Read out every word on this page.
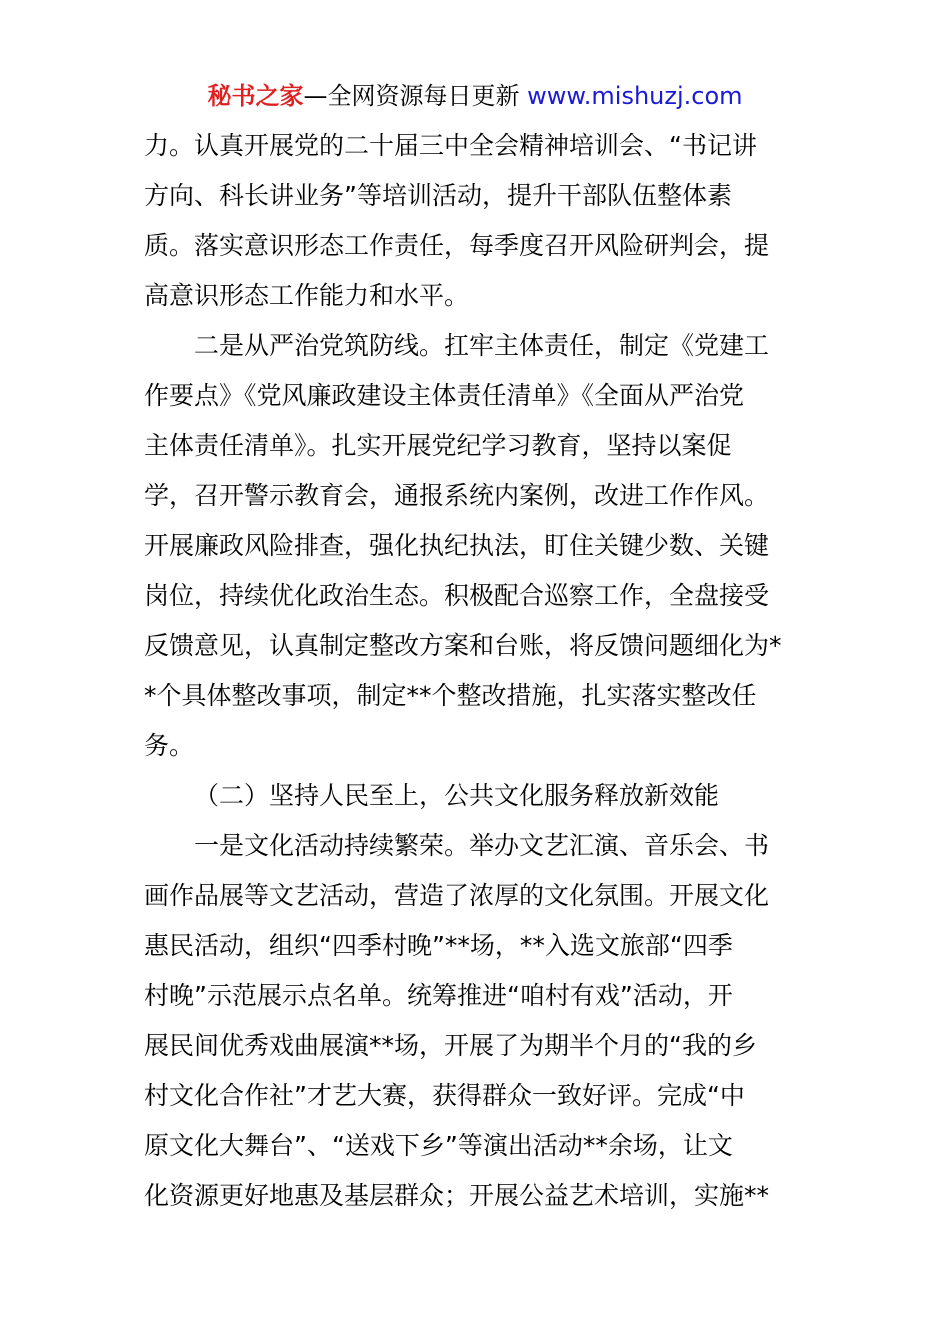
秘书之家—全网资源每日更新 www.mishuzj.com
力。认真开展党的二十届三中全会精神培训会、“书记讲
方向、科长讲业务”等培训活动，提升干部队伍整体素
质。落实意识形态工作责任，每季度召开风险研判会，提
高意识形态工作能力和水平。
二是从严治党筑防线。扛牢主体责任，制定《党建工
作要点》《党风廉政建设主体责任清单》《全面从严治党
主体责任清单》。扎实开展党纪学习教育，坚持以案促
学，召开警示教育会，通报系统内案例，改进工作作风。
开展廉政风险排查，强化执纪执法，盯住关键少数、关键
岗位，持续优化政治生态。积极配合巡察工作，全盘接受
反馈意见，认真制定整改方案和台账，将反馈问题细化为*
*个具体整改事项，制定**个整改措施，扎实落实整改任
务。
（二）坚持人民至上，公共文化服务释放新效能
一是文化活动持续繁荣。举办文艺汇演、音乐会、书
画作品展等文艺活动，营造了浓厚的文化氛围。开展文化
惠民活动，组织“四季村晚”**场，**入选文旅部“四季
村晚”示范展示点名单。统筹推进“咱村有戏”活动，开
展民间优秀戏曲展演**场，开展了为期半个月的“我的乡
村文化合作社”才艺大赛，获得群众一致好评。完成“中
原文化大舞台”、“送戏下乡”等演出活动**余场，让文
化资源更好地惠及基层群众；开展公益艺术培训，实施**
